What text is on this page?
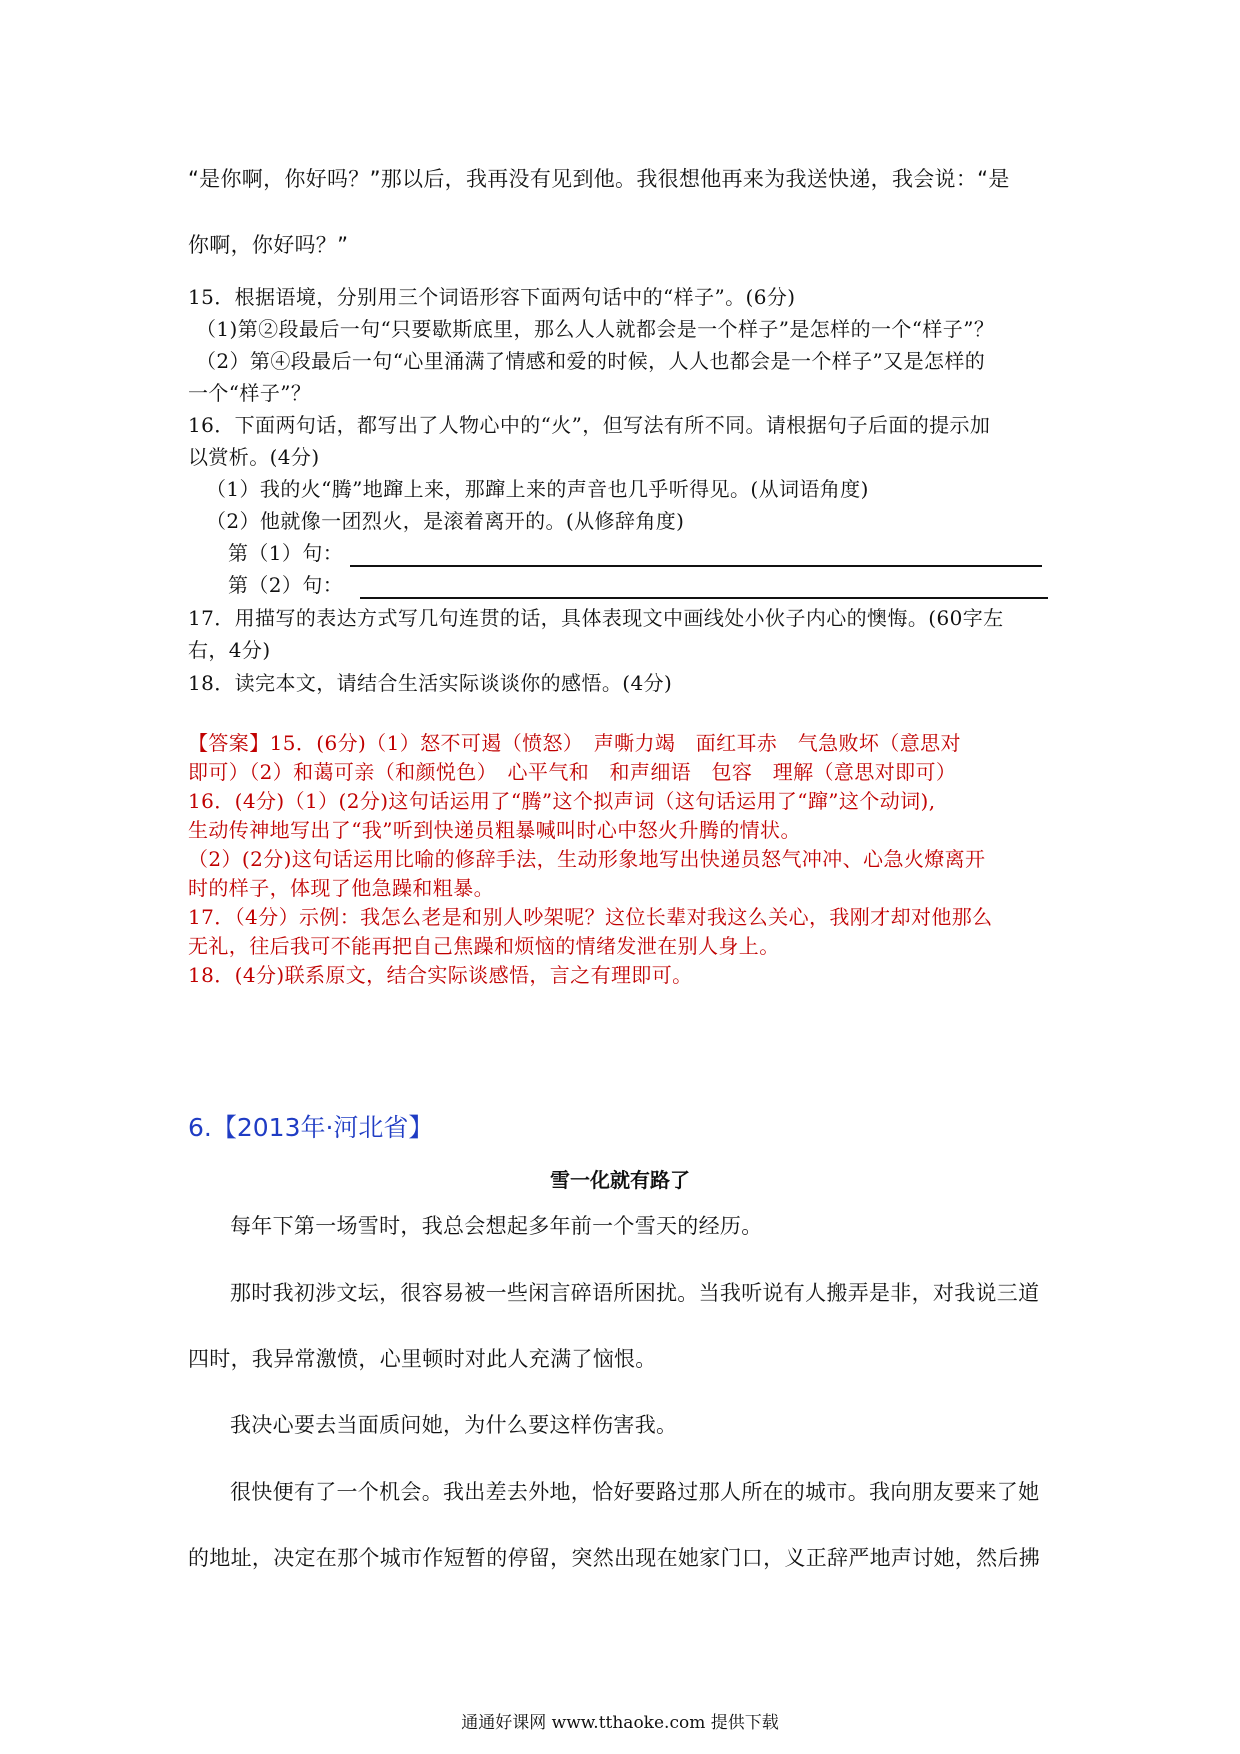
“是你啊，你好吗？”那以后，我再没有见到他。我很想他再来为我送快递，我会说：“是
你啊，你好吗？”
15．根据语境，分别用三个词语形容下面两句话中的“样子”。(6分)
（1)第②段最后一句“只要歇斯底里，那么人人就都会是一个样子”是怎样的一个“样子”？
（2）第④段最后一句“心里涌满了情感和爱的时候，人人也都会是一个样子”又是怎样的
一个“样子”？
16．下面两句话，都写出了人物心中的“火”，但写法有所不同。请根据句子后面的提示加
以赏析。(4分)
（1）我的火“腾”地蹿上来，那蹿上来的声音也几乎听得见。(从词语角度)
（2）他就像一团烈火，是滚着离开的。(从修辞角度)
第（1）句：
第（2）句：
17．用描写的表达方式写几句连贯的话，具体表现文中画线处小伙子内心的懊悔。(60字左
右，4分)
18．读完本文，请结合生活实际谈谈你的感悟。(4分)
【答案】15．(6分)（1）怒不可遏（愤怒）　声嘶力竭　面红耳赤　气急败坏（意思对
即可）（2）和蔼可亲（和颜悦色）　心平气和　和声细语　包容　理解（意思对即可）
16．(4分)（1）(2分)这句话运用了“腾”这个拟声词（这句话运用了“蹿”这个动词),
生动传神地写出了“我”听到快递员粗暴喊叫时心中怒火升腾的情状。
（2）(2分)这句话运用比喻的修辞手法，生动形象地写出快递员怒气冲冲、心急火燎离开
时的样子，体现了他急躁和粗暴。
17．（4分）示例：我怎么老是和别人吵架呢？这位长辈对我这么关心，我刚才却对他那么
无礼，往后我可不能再把自己焦躁和烦恼的情绪发泄在别人身上。
18．(4分)联系原文，结合实际谈感悟，言之有理即可。
6.【2013年·河北省】
雪一化就有路了
每年下第一场雪时，我总会想起多年前一个雪天的经历。
那时我初涉文坛，很容易被一些闲言碎语所困扰。当我听说有人搬弄是非，对我说三道
四时，我异常激愤，心里顿时对此人充满了恼恨。
我决心要去当面质问她，为什么要这样伤害我。
很快便有了一个机会。我出差去外地，恰好要路过那人所在的城市。我向朋友要来了她
的地址，决定在那个城市作短暂的停留，突然出现在她家门口，义正辞严地声讨她，然后拂
通通好课网 www.tthaoke.com 提供下载
